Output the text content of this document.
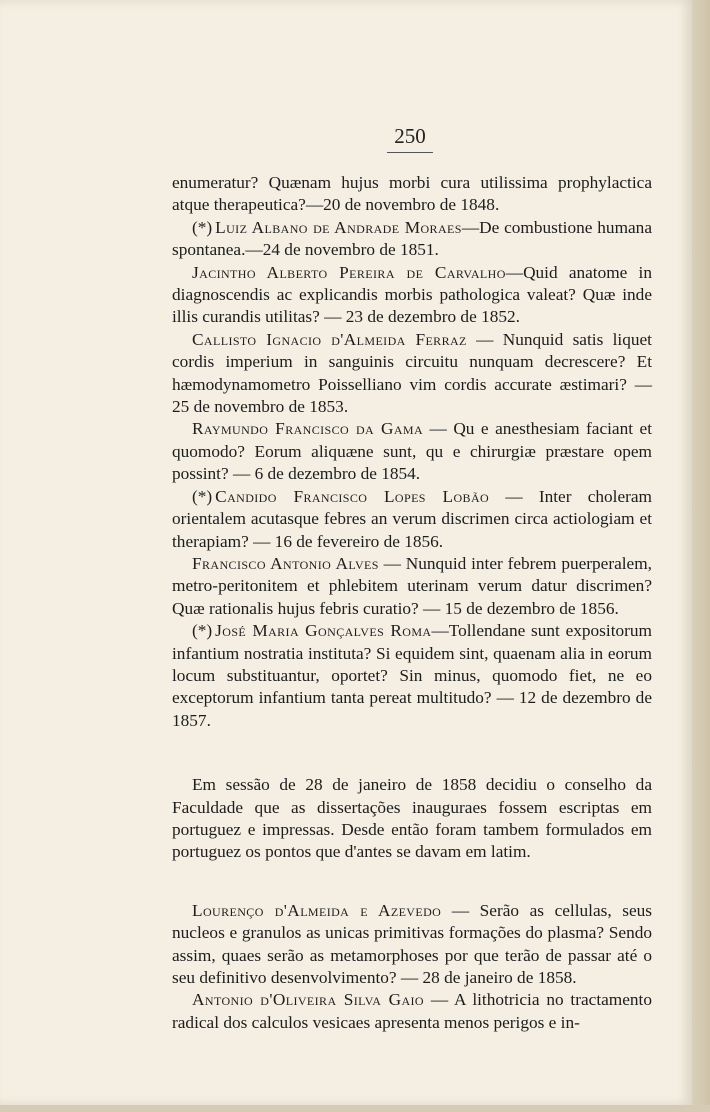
250

enumeratur? Quænam hujus morbi cura utilissima prophylactica atque therapeutica?—20 de novembro de 1848.

(*) Luiz Albano de Andrade Moraes—De combustione humana spontanea.—24 de novembro de 1851.

Jacintho Alberto Pereira de Carvalho—Quid anatome in diagnoscendis ac explicandis morbis pathologica valeat? Quæ inde illis curandis utilitas? — 23 de dezembro de 1852.

Callisto Ignacio d'Almeida Ferraz — Nunquid satis liquet cordis imperium in sanguinis circuitu nunquam decrescere? Et hæmodynamometro Poisselliano vim cordis accurate æstimari? — 25 de novembro de 1853.

Raymundo Francisco da Gama — Qu e anesthesiam faciant et quomodo? Eorum aliquæne sunt, qu e chirurgiæ præstare opem possint? — 6 de dezembro de 1854.

(*) Candido Francisco Lopes Lobão — Inter choleram orientalem acutasque febres an verum discrimen circa actiologiam et therapiam? — 16 de fevereiro de 1856.

Francisco Antonio Alves — Nunquid inter febrem puerperalem, metro-peritonitem et phlebitem uterinam verum datur discrimen? Quæ rationalis hujus febris curatio? — 15 de dezembro de 1856.

(*) José Maria Gonçalves Roma—Tollendane sunt expositorum infantium nostratia instituta? Si equidem sint, quaenam alia in eorum locum substituantur, oportet? Sin minus, quomodo fiet, ne eo exceptorum infantium tanta pereat multitudo? — 12 de dezembro de 1857.

Em sessão de 28 de janeiro de 1858 decidiu o conselho da Faculdade que as dissertações inauguraes fossem escriptas em portuguez e impressas. Desde então foram tambem formulados em portuguez os pontos que d'antes se davam em latim.

Lourenço d'Almeida e Azevedo — Serão as cellulas, seus nucleos e granulos as unicas primitivas formações do plasma? Sendo assim, quaes serão as metamorphoses por que terão de passar até o seu definitivo desenvolvimento? — 28 de janeiro de 1858.

Antonio d'Oliveira Silva Gaio — A lithotricia no tractamento radical dos calculos vesicaes apresenta menos perigos e in-
